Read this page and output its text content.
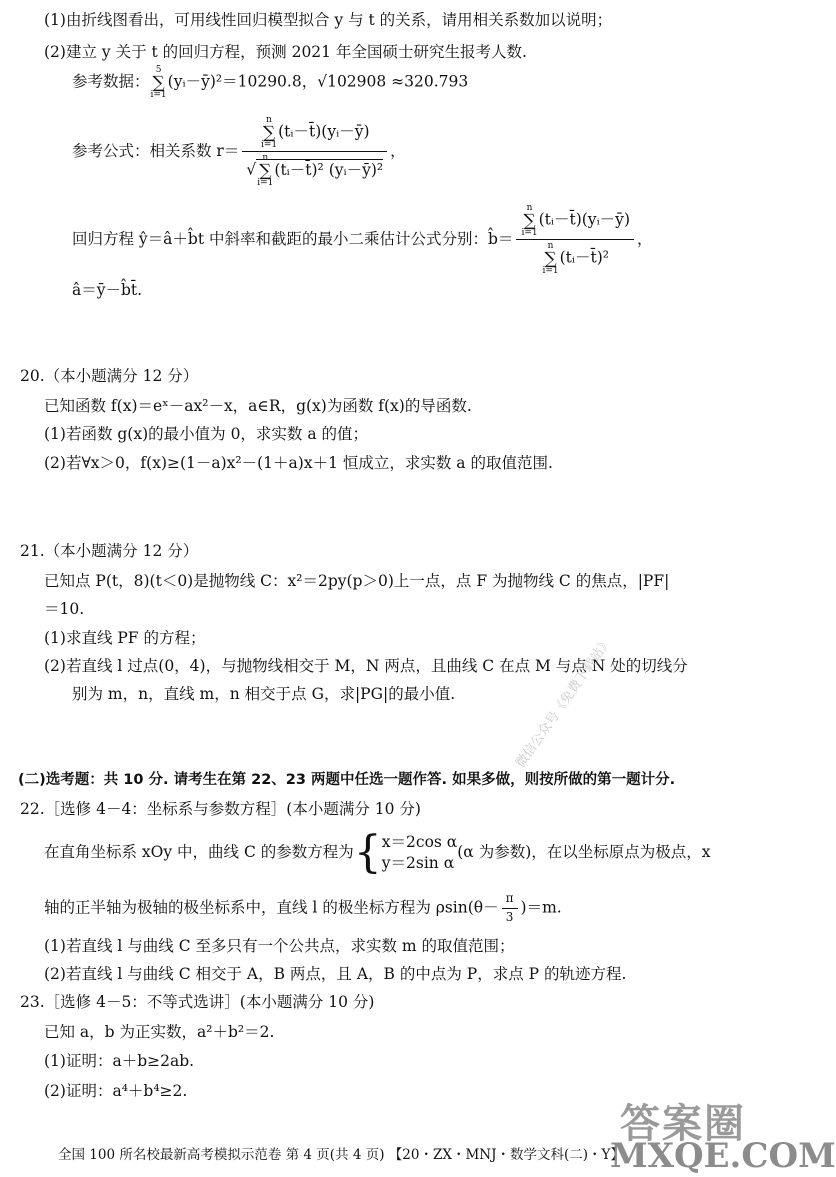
(1)由折线图看出，可用线性回归模型拟合 y 与 t 的关系，请用相关系数加以说明；
(2)建立 y 关于 t 的回归方程，预测 2021 年全国硕士研究生报考人数.
参考数据：
5
∑
i=1
(yᵢ－ȳ)²＝10290.8，√102908 ≈320.793
参考公式：相关系数 r＝ n
∑
i=1
(tᵢ－t̄)(yᵢ－ȳ)
√
n
∑
i=1
(tᵢ－t̄)² (yᵢ－ȳ)² ，
回归方程 ŷ＝â＋b̂t 中斜率和截距的最小二乘估计公式分别：b̂＝ n
∑
i=1
(tᵢ－t̄)(yᵢ－ȳ)
n
∑
i=1
(tᵢ－t̄)² ，
â＝ȳ－b̂t̄.
20.（本小题满分 12 分）
已知函数 f(x)＝eˣ－ax²－x，a∈R，g(x)为函数 f(x)的导函数.
(1)若函数 g(x)的最小值为 0，求实数 a 的值；
(2)若∀x＞0，f(x)≥(1－a)x²－(1＋a)x＋1 恒成立，求实数 a 的取值范围.
21.（本小题满分 12 分）
已知点 P(t，8)(t＜0)是抛物线 C：x²＝2py(p＞0)上一点，点 F 为抛物线 C 的焦点，|PF|
＝10.
(1)求直线 PF 的方程；
(2)若直线 l 过点(0，4)，与抛物线相交于 M，N 两点，且曲线 C 在点 M 与点 N 处的切线分
别为 m，n，直线 m，n 相交于点 G，求|PG|的最小值.
(二)选考题：共 10 分. 请考生在第 22、23 两题中任选一题作答. 如果多做，则按所做的第一题计分.
22.［选修 4－4：坐标系与参数方程］(本小题满分 10 分)
在直角坐标系 xOy 中，曲线 C 的参数方程为{ x＝2cos α
y＝2sin α
(α 为参数)，在以坐标原点为极点，x
轴的正半轴为极轴的极坐标系中，直线 l 的极坐标方程为 $\rho\sin(\theta- \frac{\pi}{3} )=m$.
(1)若直线 l 与曲线 C 至多只有一个公共点，求实数 m 的取值范围；
(2)若直线 l 与曲线 C 相交于 A，B 两点，且 A，B 的中点为 P，求点 P 的轨迹方程.
23.［选修 4－5：不等式选讲］(本小题满分 10 分)
已知 a，b 为正实数，a²＋b²＝2.
(1)证明：a＋b≥2ab.
(2)证明：a⁴＋b⁴≥2.
全国 100 所名校最新高考模拟示范卷 第 4 页(共 4 页) 【20・ZX・MNJ・数学文科(二)・Y】
微信公众号《免费下载站》
答案圈
MXQE.COM
